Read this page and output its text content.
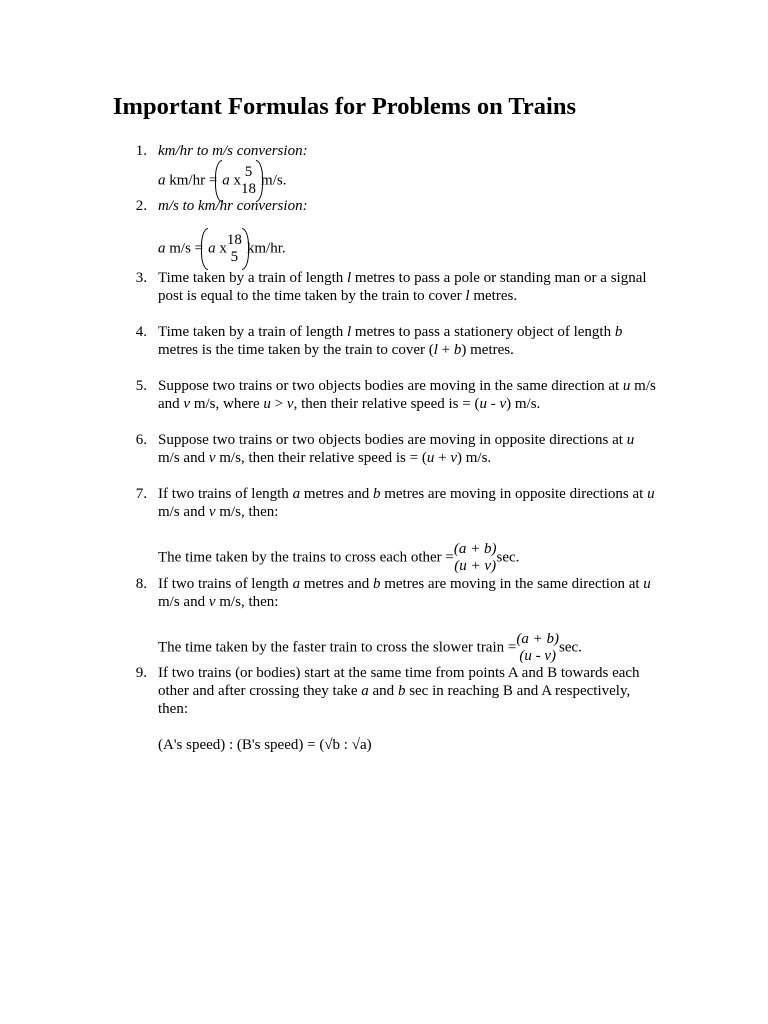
Important Formulas for Problems on Trains
1. km/hr to m/s conversion:
a km/hr = a x
5
18
m/s.
2. m/s to km/hr conversion:
a m/s = a x
18
5
km/hr.
3. Time taken by a train of length l metres to pass a pole or standing man or a signal post is equal to the time taken by the train to cover l metres.
4. Time taken by a train of length l metres to pass a stationery object of length b metres is the time taken by the train to cover (l + b) metres.
5. Suppose two trains or two objects bodies are moving in the same direction at u m/s and v m/s, where u > v, then their relative speed is = (u - v) m/s.
6. Suppose two trains or two objects bodies are moving in opposite directions at u m/s and v m/s, then their relative speed is = (u + v) m/s.
7. If two trains of length a metres and b metres are moving in opposite directions at u m/s and v m/s, then:
The time taken by the trains to cross each other =
(a + b)
(u + v)
sec.
8. If two trains of length a metres and b metres are moving in the same direction at u m/s and v m/s, then:
The time taken by the faster train to cross the slower train =
(a + b)
(u - v)
sec.
9. If two trains (or bodies) start at the same time from points A and B towards each other and after crossing they take a and b sec in reaching B and A respectively, then:
(A's speed) : (B's speed) = (√b : √a)
